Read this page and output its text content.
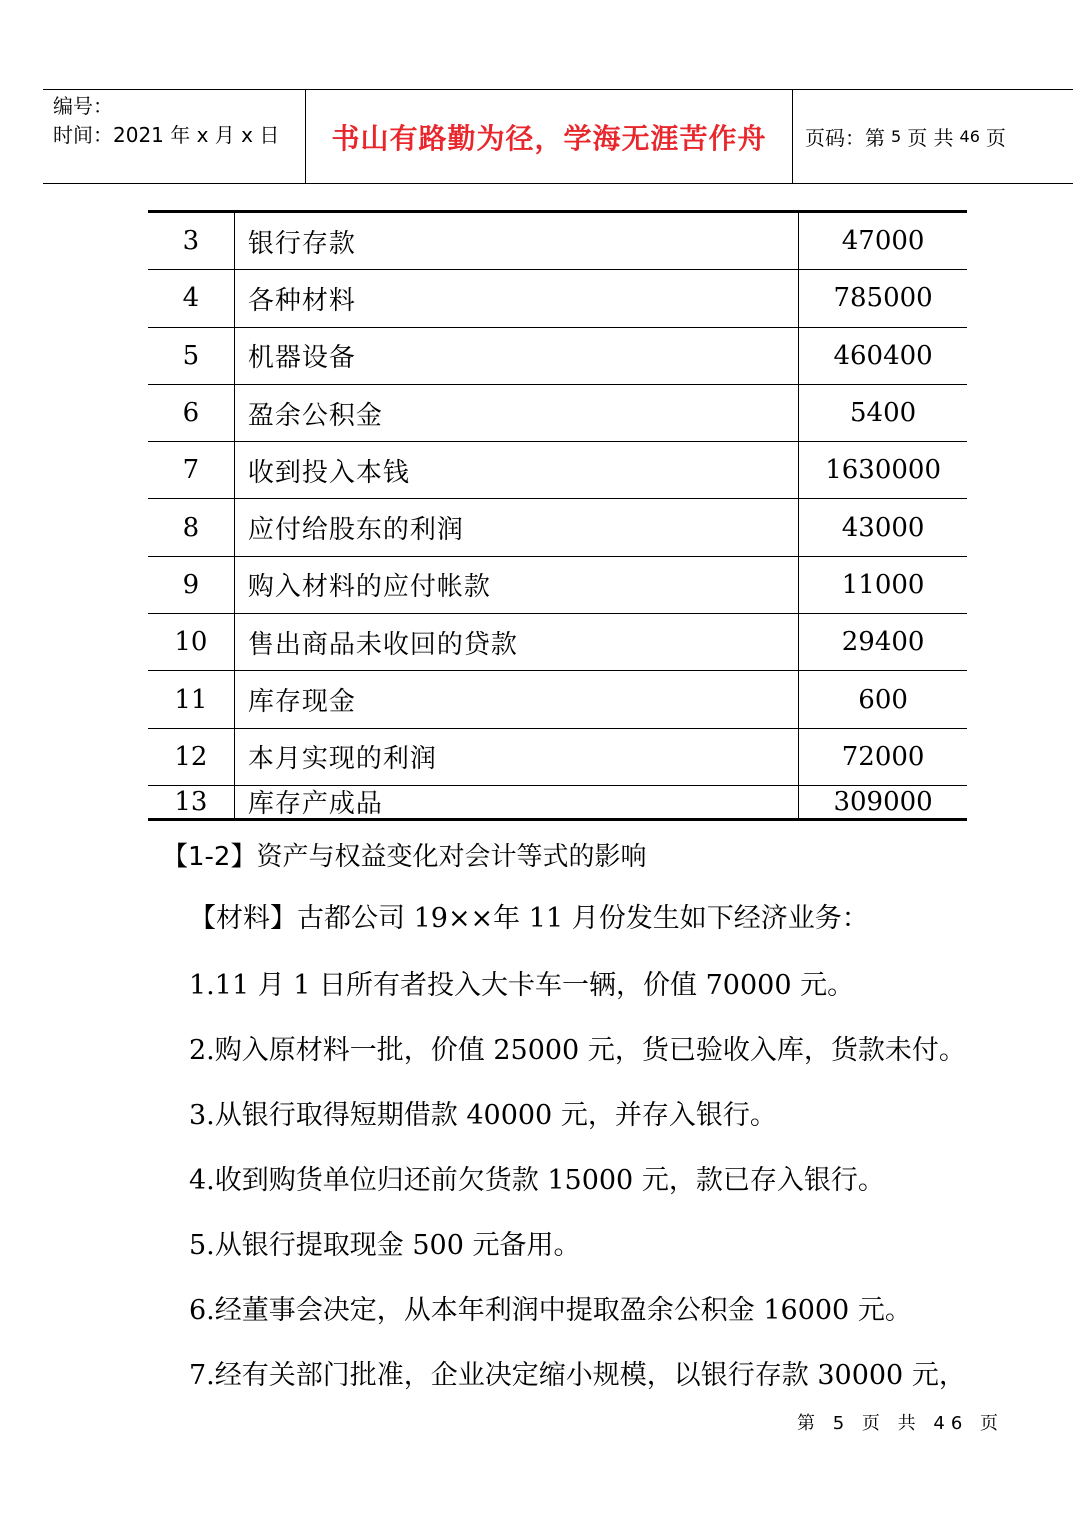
编号：
时间：2021 年 x 月 x 日	书山有路勤为径，学海无涯苦作舟	页码：第 5 页 共 46 页
3	银行存款	47000
4	各种材料	785000
5	机器设备	460400
6	盈余公积金	5400
7	收到投入本钱	1630000
8	应付给股东的利润	43000
9	购入材料的应付帐款	11000
10	售出商品未收回的贷款	29400
11	库存现金	600
12	本月实现的利润	72000
13	库存产成品	309000
【1-2】资产与权益变化对会计等式的影响
【材料】古都公司 19××年 11 月份发生如下经济业务：
1.11 月 1 日所有者投入大卡车一辆，价值 70000 元。
2.购入原材料一批，价值 25000 元，货已验收入库，货款未付。
3.从银行取得短期借款 40000 元，并存入银行。
4.收到购货单位归还前欠货款 15000 元，款已存入银行。
5.从银行提取现金 500 元备用。
6.经董事会决定，从本年利润中提取盈余公积金 16000 元。
7.经有关部门批准，企业决定缩小规模，以银行存款 30000 元，
第 5 页 共 46 页
